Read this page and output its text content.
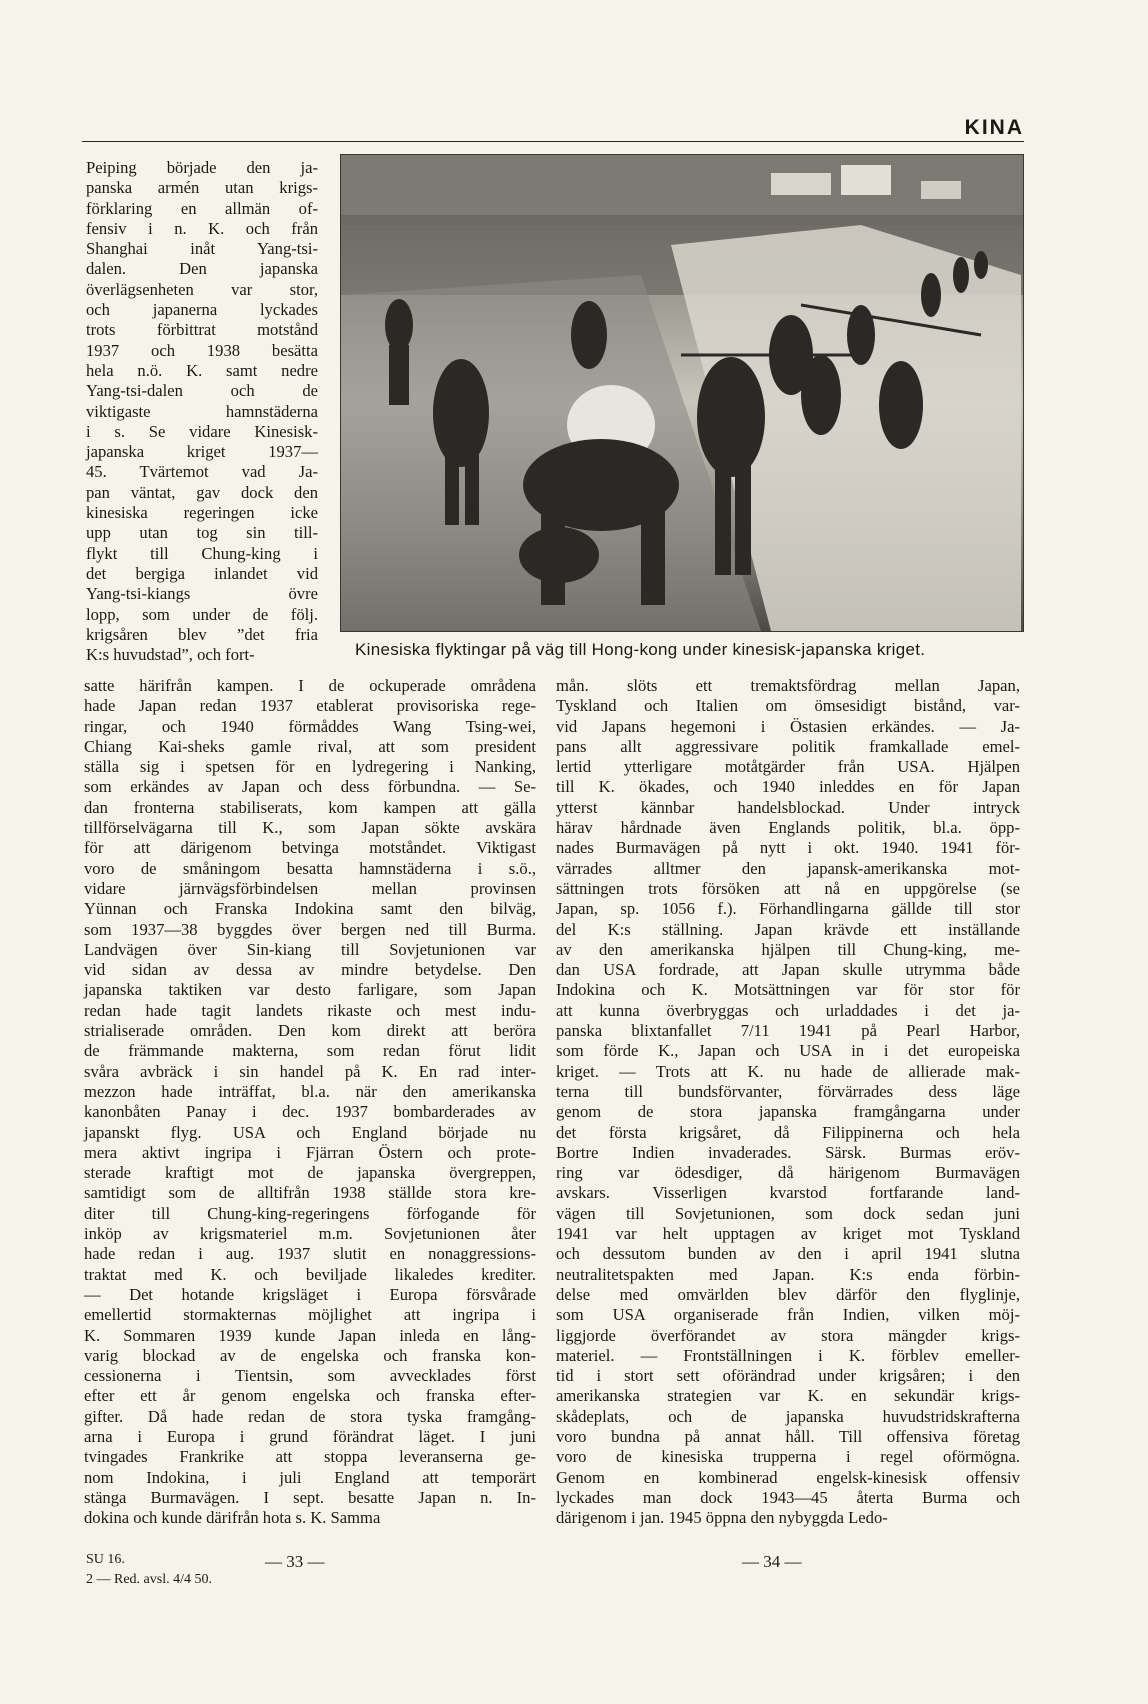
KINA
Kinesiska flyktingar på väg till Hong-kong under kinesisk-japanska kriget.
Peiping började den ja-
panska armén utan krigs-
förklaring en allmän of-
fensiv i n. K. och från
Shanghai inåt Yang-tsi-
dalen. Den japanska
överlägsenheten var stor,
och japanerna lyckades
trots förbittrat motstånd
1937 och 1938 besätta
hela n.ö. K. samt nedre
Yang-tsi-dalen och de
viktigaste hamnstäderna
i s. Se vidare Kinesisk-
japanska kriget 1937—
45. Tvärtemot vad Ja-
pan väntat, gav dock den
kinesiska regeringen icke
upp utan tog sin till-
flykt till Chung-king i
det bergiga inlandet vid
Yang-tsi-kiangs övre
lopp, som under de följ.
krigsåren blev ”det fria
K:s huvudstad”, och fort-
satte härifrån kampen. I de ockuperade områdena
hade Japan redan 1937 etablerat provisoriska rege-
ringar, och 1940 förmåddes Wang Tsing-wei,
Chiang Kai-sheks gamle rival, att som president
ställa sig i spetsen för en lydregering i Nanking,
som erkändes av Japan och dess förbundna. — Se-
dan fronterna stabiliserats, kom kampen att gälla
tillförselvägarna till K., som Japan sökte avskära
för att därigenom betvinga motståndet. Viktigast
voro de småningom besatta hamnstäderna i s.ö.,
vidare järnvägsförbindelsen mellan provinsen
Yünnan och Franska Indokina samt den bilväg,
som 1937—38 byggdes över bergen ned till Burma.
Landvägen över Sin-kiang till Sovjetunionen var
vid sidan av dessa av mindre betydelse. Den
japanska taktiken var desto farligare, som Japan
redan hade tagit landets rikaste och mest indu-
strialiserade områden. Den kom direkt att beröra
de främmande makterna, som redan förut lidit
svåra avbräck i sin handel på K. En rad inter-
mezzon hade inträffat, bl.a. när den amerikanska
kanonbåten Panay i dec. 1937 bombarderades av
japanskt flyg. USA och England började nu
mera aktivt ingripa i Fjärran Östern och prote-
sterade kraftigt mot de japanska övergreppen,
samtidigt som de alltifrån 1938 ställde stora kre-
diter till Chung-king-regeringens förfogande för
inköp av krigsmateriel m.m. Sovjetunionen åter
hade redan i aug. 1937 slutit en nonaggressions-
traktat med K. och beviljade likaledes krediter.
— Det hotande krigsläget i Europa försvårade
emellertid stormakternas möjlighet att ingripa i
K. Sommaren 1939 kunde Japan inleda en lång-
varig blockad av de engelska och franska kon-
cessionerna i Tientsin, som avvecklades först
efter ett år genom engelska och franska efter-
gifter. Då hade redan de stora tyska framgång-
arna i Europa i grund förändrat läget. I juni
tvingades Frankrike att stoppa leveranserna ge-
nom Indokina, i juli England att temporärt
stänga Burmavägen. I sept. besatte Japan n. In-
dokina och kunde därifrån hota s. K. Samma
mån. slöts ett tremaktsfördrag mellan Japan,
Tyskland och Italien om ömsesidigt bistånd, var-
vid Japans hegemoni i Östasien erkändes. — Ja-
pans allt aggressivare politik framkallade emel-
lertid ytterligare motåtgärder från USA. Hjälpen
till K. ökades, och 1940 inleddes en för Japan
ytterst kännbar handelsblockad. Under intryck
härav hårdnade även Englands politik, bl.a. öpp-
nades Burmavägen på nytt i okt. 1940. 1941 för-
värrades alltmer den japansk-amerikanska mot-
sättningen trots försöken att nå en uppgörelse (se
Japan, sp. 1056 f.). Förhandlingarna gällde till stor
del K:s ställning. Japan krävde ett inställande
av den amerikanska hjälpen till Chung-king, me-
dan USA fordrade, att Japan skulle utrymma både
Indokina och K. Motsättningen var för stor för
att kunna överbryggas och urladdades i det ja-
panska blixtanfallet 7/11 1941 på Pearl Harbor,
som förde K., Japan och USA in i det europeiska
kriget. — Trots att K. nu hade de allierade mak-
terna till bundsförvanter, förvärrades dess läge
genom de stora japanska framgångarna under
det första krigsåret, då Filippinerna och hela
Bortre Indien invaderades. Särsk. Burmas eröv-
ring var ödesdiger, då härigenom Burmavägen
avskars. Visserligen kvarstod fortfarande land-
vägen till Sovjetunionen, som dock sedan juni
1941 var helt upptagen av kriget mot Tyskland
och dessutom bunden av den i april 1941 slutna
neutralitetspakten med Japan. K:s enda förbin-
delse med omvärlden blev därför den flyglinje,
som USA organiserade från Indien, vilken möj-
liggjorde överförandet av stora mängder krigs-
materiel. — Frontställningen i K. förblev emeller-
tid i stort sett oförändrad under krigsåren; i den
amerikanska strategien var K. en sekundär krigs-
skådeplats, och de japanska huvudstridskrafterna
voro bundna på annat håll. Till offensiva företag
voro de kinesiska trupperna i regel oförmögna.
Genom en kombinerad engelsk-kinesisk offensiv
lyckades man dock 1943—45 återta Burma och
därigenom i jan. 1945 öppna den nybyggda Ledo-
SU 16.
2 — Red. avsl. 4/4 50.
— 33 —	— 34 —
